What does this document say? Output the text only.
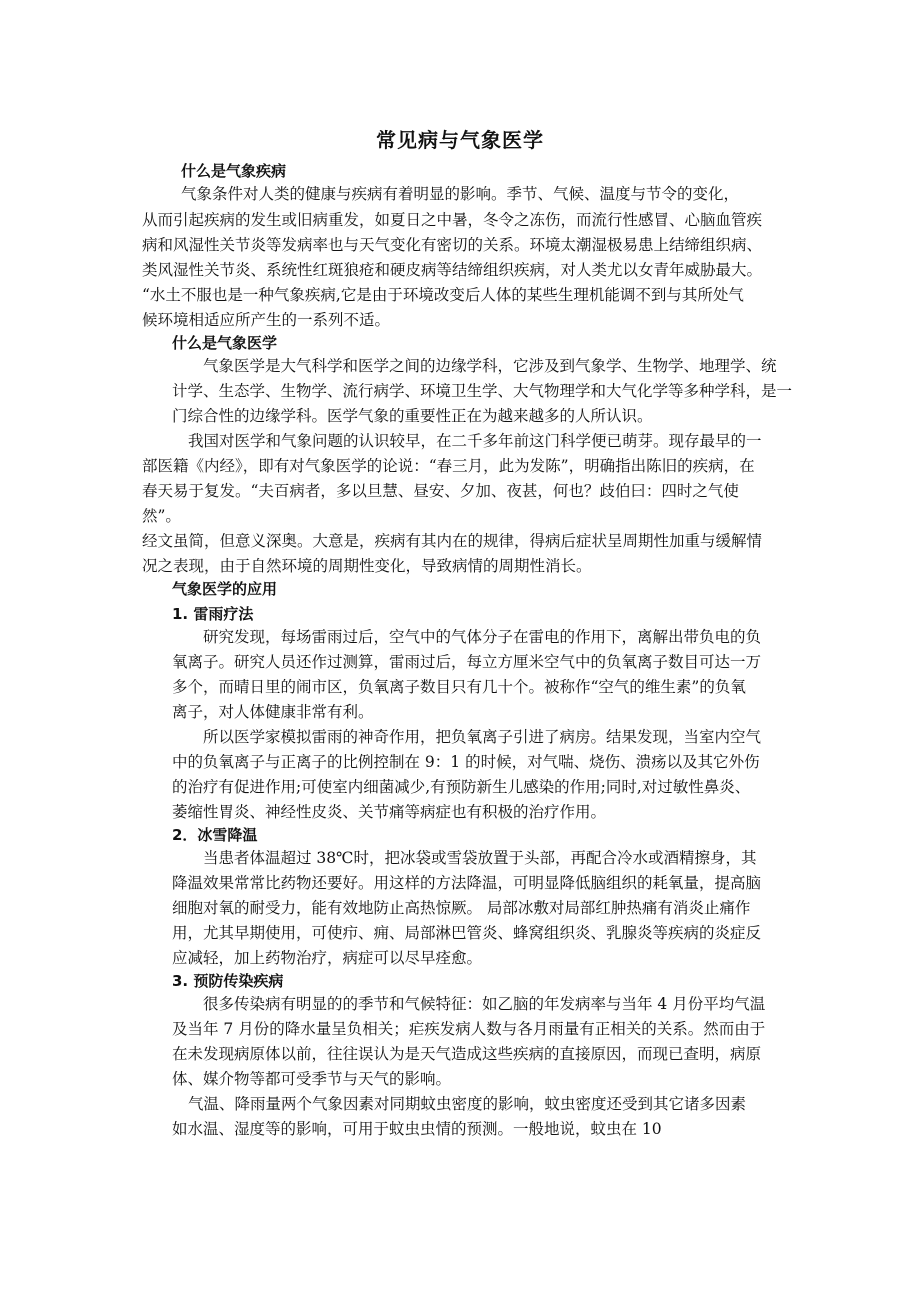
常见病与气象医学
什么是气象疾病
气象条件对人类的健康与疾病有着明显的影响。季节、气候、温度与节令的变化，
从而引起疾病的发生或旧病重发，如夏日之中暑，冬令之冻伤，而流行性感冒、心脑血管疾
病和风湿性关节炎等发病率也与天气变化有密切的关系。环境太潮湿极易患上结缔组织病、
类风湿性关节炎、系统性红斑狼疮和硬皮病等结缔组织疾病，对人类尤以女青年威胁最大。
“水土不服也是一种气象疾病,它是由于环境改变后人体的某些生理机能调不到与其所处气
候环境相适应所产生的一系列不适。
什么是气象医学
气象医学是大气科学和医学之间的边缘学科，它涉及到气象学、生物学、地理学、统
计学、生态学、生物学、流行病学、环境卫生学、大气物理学和大气化学等多种学科，是一
门综合性的边缘学科。医学气象的重要性正在为越来越多的人所认识。
我国对医学和气象问题的认识较早，在二千多年前这门科学便已萌芽。现存最早的一
部医籍《内经》，即有对气象医学的论说：“春三月，此为发陈”，明确指出陈旧的疾病，在
春天易于复发。“夫百病者，多以旦慧、昼安、夕加、夜甚，何也？歧伯曰：四时之气使
然”。
经文虽简，但意义深奥。大意是，疾病有其内在的规律，得病后症状呈周期性加重与缓解情
况之表现，由于自然环境的周期性变化，导致病情的周期性消长。
气象医学的应用
1. 雷雨疗法
研究发现，每场雷雨过后，空气中的气体分子在雷电的作用下，离解出带负电的负
氧离子。研究人员还作过测算，雷雨过后，每立方厘米空气中的负氧离子数目可达一万
多个，而晴日里的闹市区，负氧离子数目只有几十个。被称作“空气的维生素”的负氧
离子，对人体健康非常有利。
所以医学家模拟雷雨的神奇作用，把负氧离子引进了病房。结果发现，当室内空气
中的负氧离子与正离子的比例控制在 9：1 的时候，对气喘、烧伤、溃疡以及其它外伤
的治疗有促进作用;可使室内细菌减少,有预防新生儿感染的作用;同时,对过敏性鼻炎、
萎缩性胃炎、神经性皮炎、关节痛等病症也有积极的治疗作用。
2．冰雪降温
当患者体温超过 38℃时，把冰袋或雪袋放置于头部，再配合冷水或酒精擦身，其
降温效果常常比药物还要好。用这样的方法降温，可明显降低脑组织的耗氧量，提高脑
细胞对氧的耐受力，能有效地防止高热惊厥。 局部冰敷对局部红肿热痛有消炎止痛作
用，尤其早期使用，可使疖、痈、局部淋巴管炎、蜂窝组织炎、乳腺炎等疾病的炎症反
应减轻，加上药物治疗，病症可以尽早痊愈。
3. 预防传染疾病
很多传染病有明显的的季节和气候特征：如乙脑的年发病率与当年 4 月份平均气温
及当年 7 月份的降水量呈负相关；疟疾发病人数与各月雨量有正相关的关系。然而由于
在未发现病原体以前，往往误认为是天气造成这些疾病的直接原因，而现已查明，病原
体、媒介物等都可受季节与天气的影响。
气温、降雨量两个气象因素对同期蚊虫密度的影响，蚊虫密度还受到其它诸多因素
如水温、湿度等的影响，可用于蚊虫虫情的预测。一般地说，蚊虫在 10
